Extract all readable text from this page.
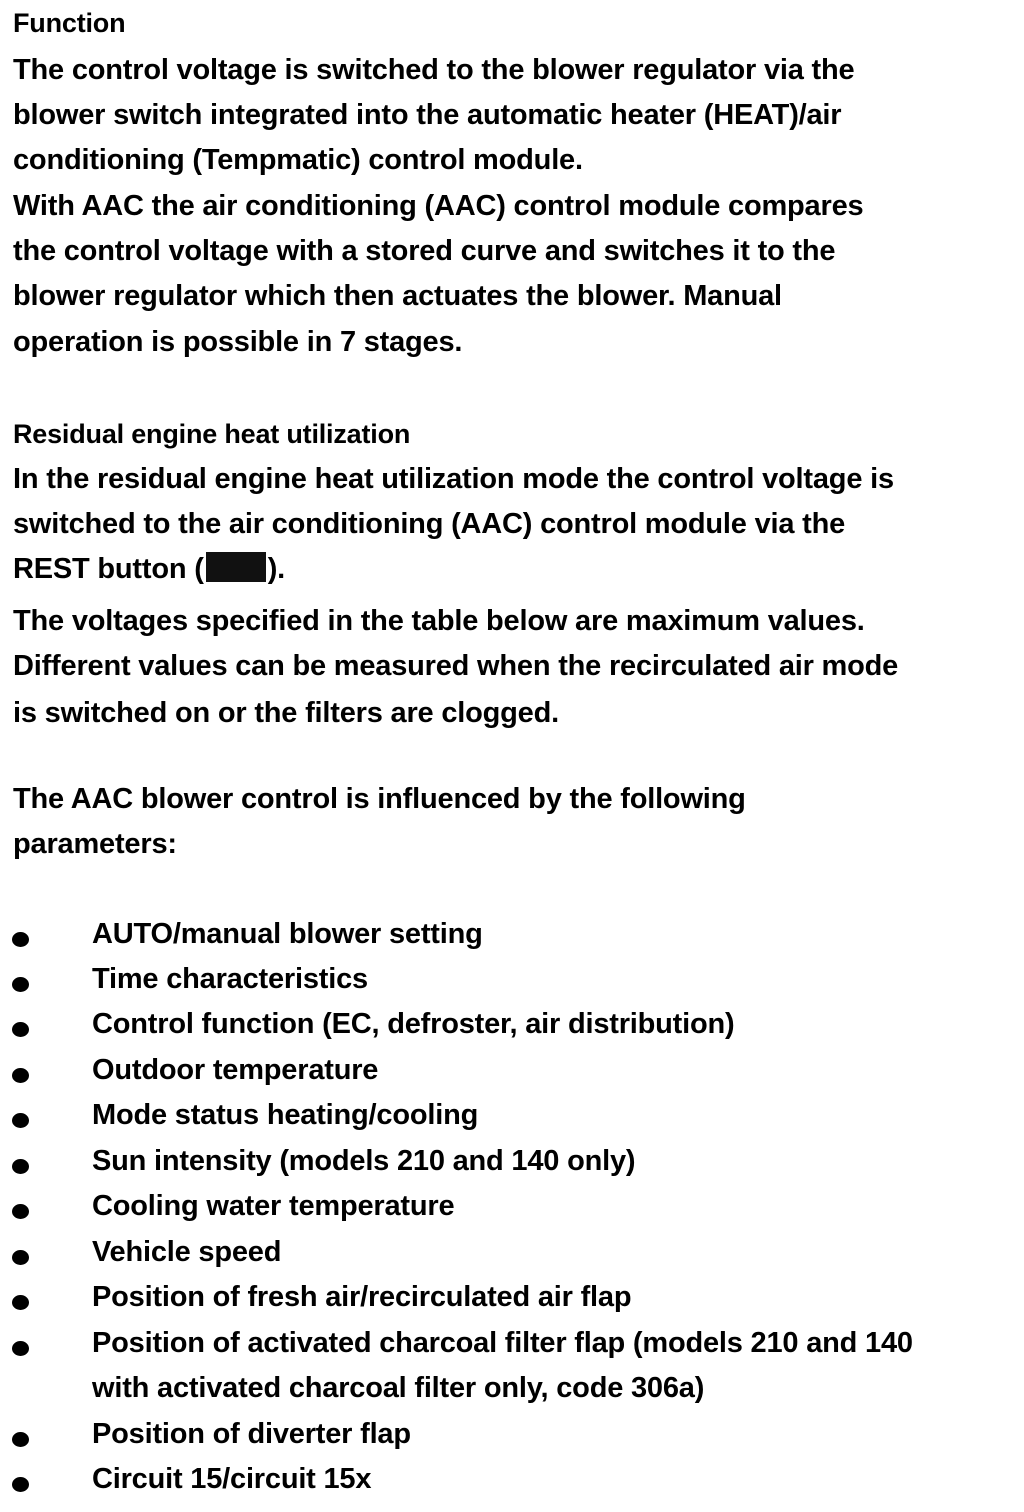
Function
The control voltage is switched to the blower regulator via the
blower switch integrated into the automatic heater (HEAT)/air
conditioning (Tempmatic) control module.
With AAC the air conditioning (AAC) control module compares
the control voltage with a stored curve and switches it to the
blower regulator which then actuates the blower. Manual
operation is possible in 7 stages.
Residual engine heat utilization
In the residual engine heat utilization mode the control voltage is
switched to the air conditioning (AAC) control module via the
REST button ( ).
The voltages specified in the table below are maximum values.
Different values can be measured when the recirculated air mode
is switched on or the filters are clogged.
The AAC blower control is influenced by the following
parameters:
AUTO/manual blower setting
Time characteristics
Control function (EC, defroster, air distribution)
Outdoor temperature
Mode status heating/cooling
Sun intensity (models 210 and 140 only)
Cooling water temperature
Vehicle speed
Position of fresh air/recirculated air flap
Position of activated charcoal filter flap (models 210 and 140
with activated charcoal filter only, code 306a)
Position of diverter flap
Circuit 15/circuit 15x
